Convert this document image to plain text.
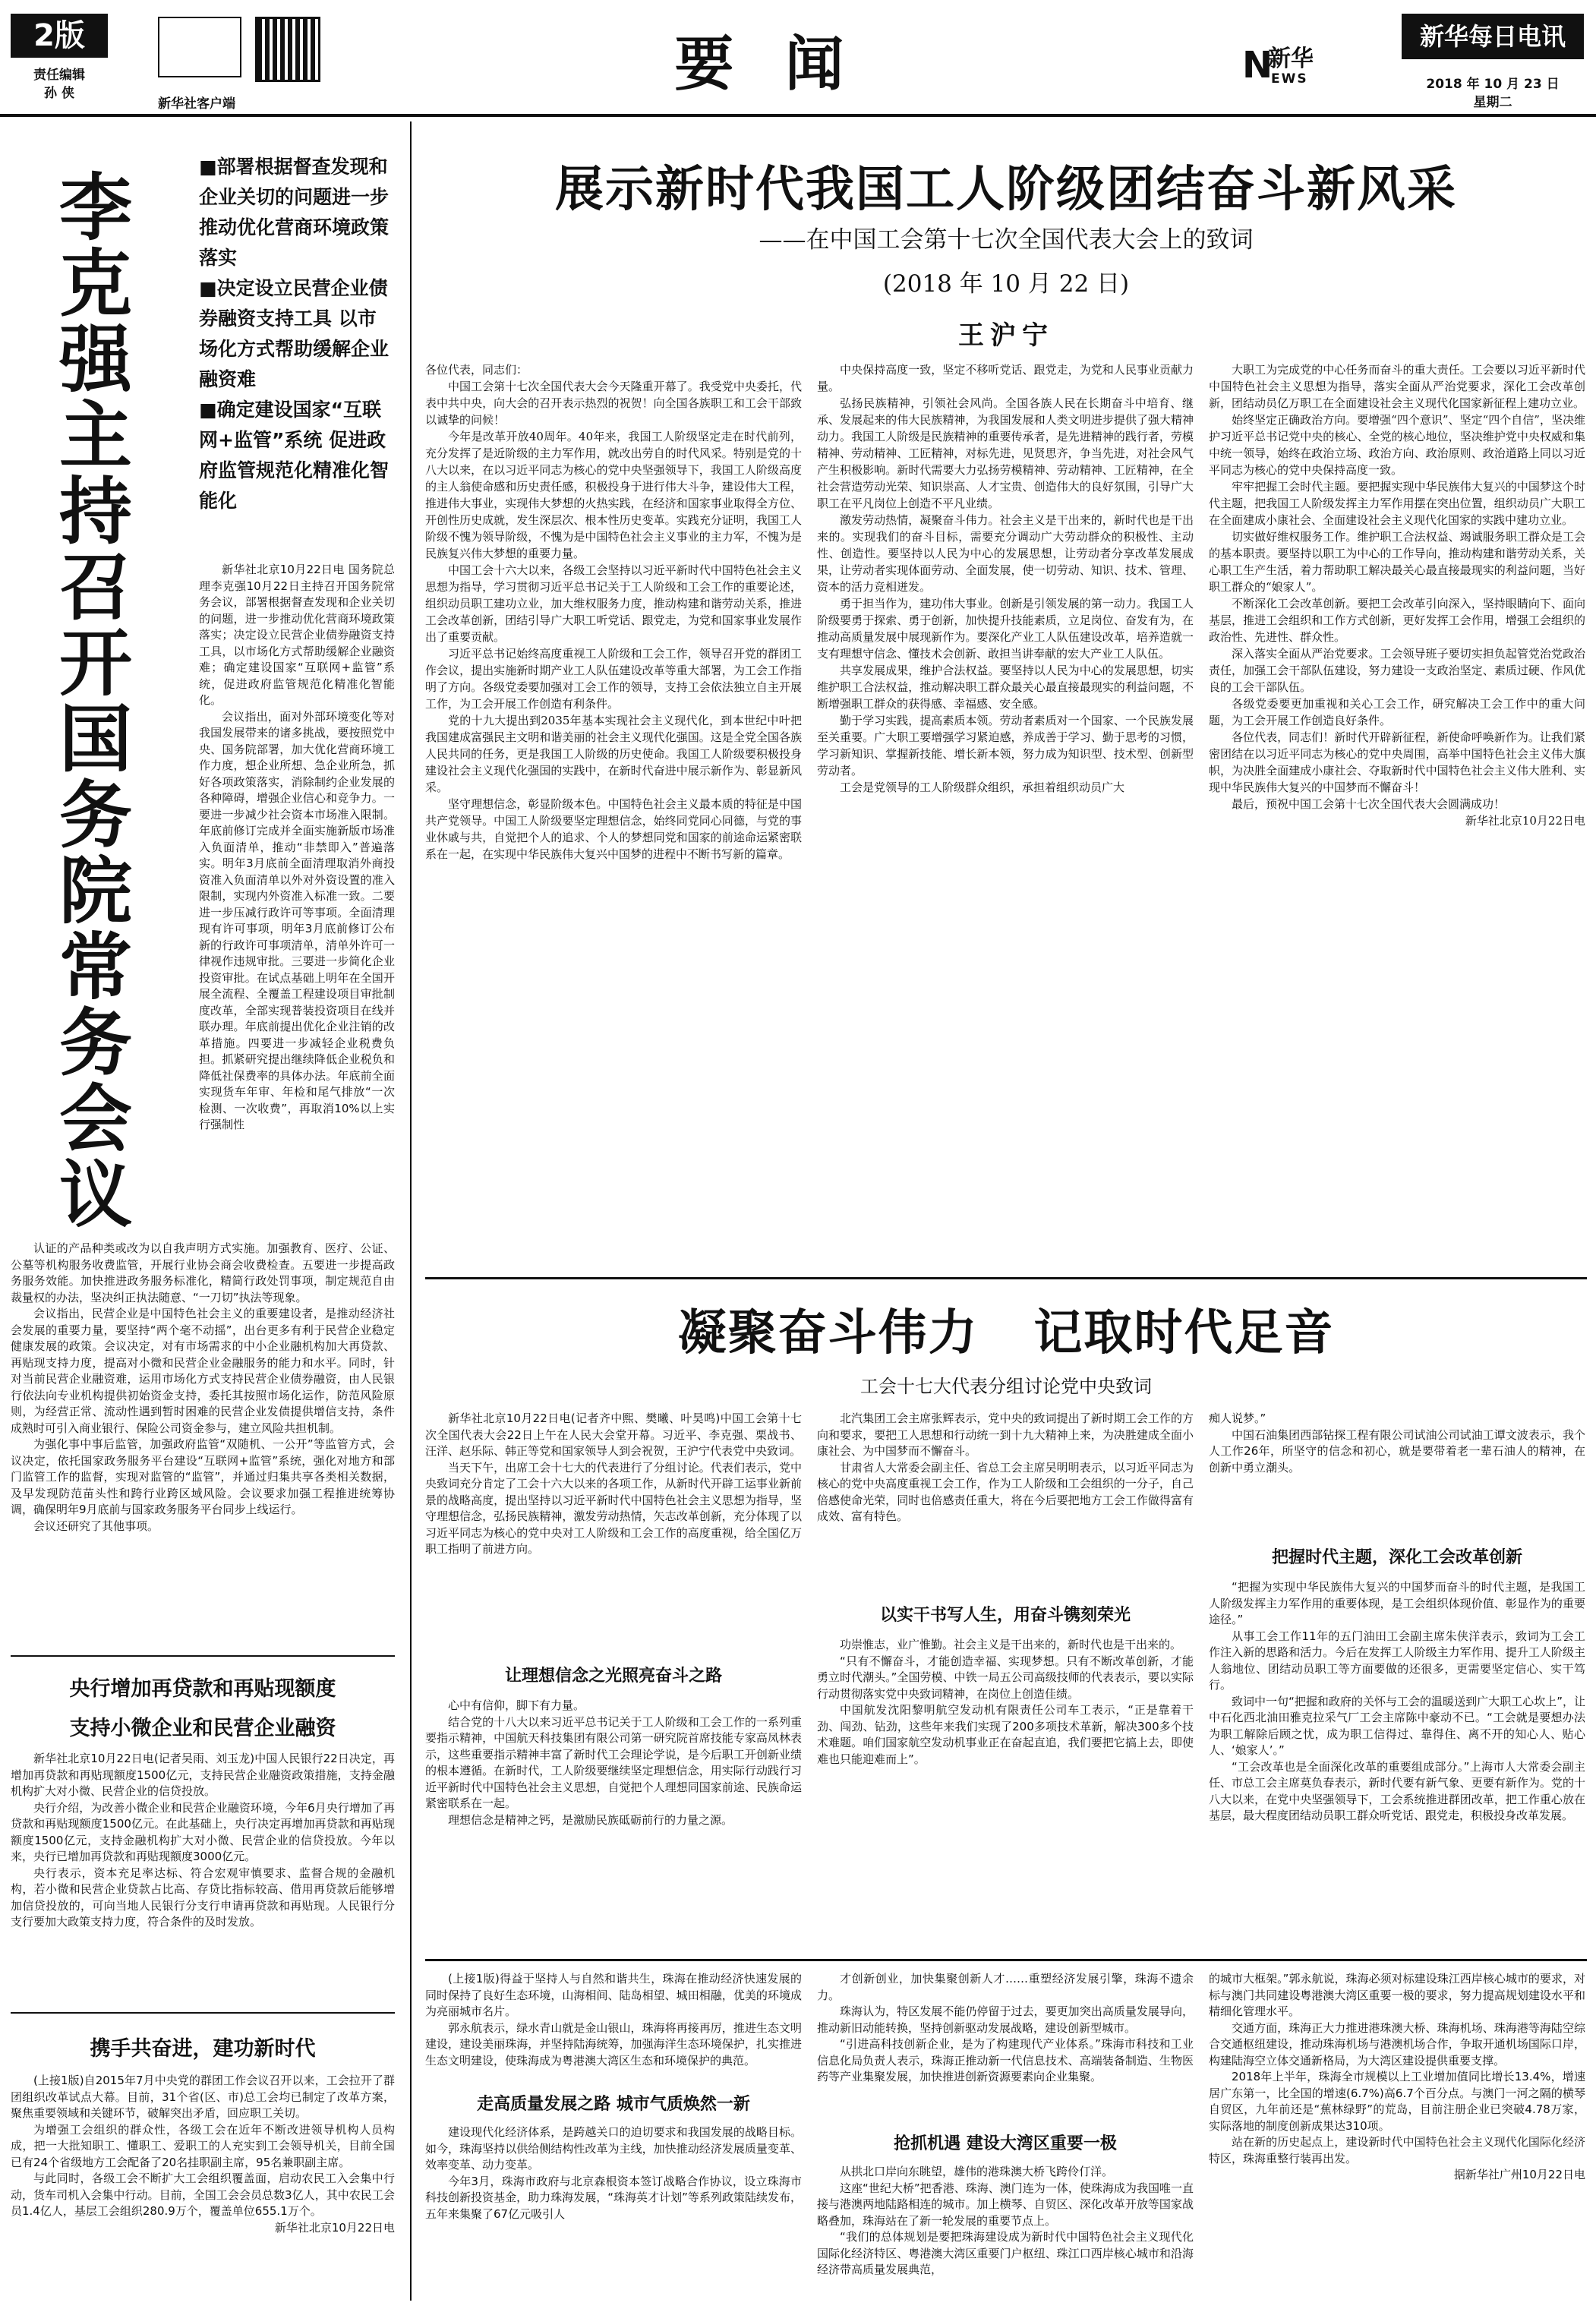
2版
责任编辑
孙 侠
新华社客户端
要 闻	新华
EWS
N
新华每日电讯
2018 年 10 月 23 日
星期二
李克强主持召开国务院常务会议

■部署根据督查发现和企业关切的问题进一步推动优化营商环境政策落实

■决定设立民营企业债券融资支持工具 以市场化方式帮助缓解企业融资难

■确定建设国家“互联网+监管”系统 促进政府监管规范化精准化智能化

新华社北京10月22日电 国务院总理李克强10月22日主持召开国务院常务会议，部署根据督查发现和企业关切的问题，进一步推动优化营商环境政策落实；决定设立民营企业债券融资支持工具，以市场化方式帮助缓解企业融资难；确定建设国家“互联网+监管”系统，促进政府监管规范化精准化智能化。

会议指出，面对外部环境变化等对我国发展带来的诸多挑战，要按照党中央、国务院部署，加大优化营商环境工作力度，想企业所想、急企业所急，抓好各项政策落实，消除制约企业发展的各种障碍，增强企业信心和竞争力。一要进一步减少社会资本市场准入限制。年底前修订完成并全面实施新版市场准入负面清单，推动“非禁即入”普遍落实。明年3月底前全面清理取消外商投资准入负面清单以外对外资设置的准入限制，实现内外资准入标准一致。二要进一步压减行政许可等事项。全面清理现有许可事项，明年3月底前修订公布新的行政许可事项清单，清单外许可一律视作违规审批。三要进一步简化企业投资审批。在试点基础上明年在全国开展全流程、全覆盖工程建设项目审批制度改革，全部实现普装投资项目在线并联办理。年底前提出优化企业注销的改革措施。四要进一步减轻企业税费负担。抓紧研究提出继续降低企业税负和降低社保费率的具体办法。年底前全面实现货车年审、年检和尾气排放“一次检测、一次收费”，再取消10%以上实行强制性

认证的产品种类或改为以自我声明方式实施。加强教育、医疗、公证、公墓等机构服务收费监管，开展行业协会商会收费检查。五要进一步提高政务服务效能。加快推进政务服务标准化，精简行政处罚事项，制定规范自由裁量权的办法，坚决纠正执法随意、“一刀切”执法等现象。

会议指出，民营企业是中国特色社会主义的重要建设者，是推动经济社会发展的重要力量，要坚持“两个毫不动摇”，出台更多有利于民营企业稳定健康发展的政策。会议决定，对有市场需求的中小企业融机构加大再贷款、再贴现支持力度，提高对小微和民营企业金融服务的能力和水平。同时，针对当前民营企业融资难，运用市场化方式支持民营企业债券融资，由人民银行依法向专业机构提供初始资金支持，委托其按照市场化运作，防范风险原则，为经营正常、流动性遇到暂时困难的民营企业发债提供增信支持，条件成熟时可引入商业银行、保险公司资金参与，建立风险共担机制。

为强化事中事后监管，加强政府监管“双随机、一公开”等监管方式，会议决定，依托国家政务服务平台建设“互联网+监管”系统，强化对地方和部门监管工作的监督，实现对监管的“监管”，并通过归集共享各类相关数据，及早发现防范苗头性和跨行业跨区域风险。会议要求加强工程推进统筹协调，确保明年9月底前与国家政务服务平台同步上线运行。

会议还研究了其他事项。

央行增加再贷款和再贴现额度
支持小微企业和民营企业融资

新华社北京10月22日电(记者吴雨、刘玉龙)中国人民银行22日决定，再增加再贷款和再贴现额度1500亿元，支持民营企业融资政策措施，支持金融机构扩大对小微、民营企业的信贷投放。

央行介绍，为改善小微企业和民营企业融资环境，今年6月央行增加了再贷款和再贴现额度1500亿元。在此基础上，央行决定再增加再贷款和再贴现额度1500亿元，支持金融机构扩大对小微、民营企业的信贷投放。今年以来，央行已增加再贷款和再贴现额度3000亿元。

央行表示，资本充足率达标、符合宏观审慎要求、监督合规的金融机构，若小微和民营企业贷款占比高、存贷比指标较高、借用再贷款后能够增加信贷投放的，可向当地人民银行分支行申请再贷款和再贴现。人民银行分支行要加大政策支持力度，符合条件的及时发放。

携手共奋进，建功新时代

(上接1版)自2015年7月中央党的群团工作会议召开以来，工会拉开了群团组织改革试点大幕。目前，31个省(区、市)总工会均已制定了改革方案，聚焦重要领域和关键环节，破解突出矛盾，回应职工关切。

为增强工会组织的群众性，各级工会在近年不断改进领导机构人员构成，把一大批知职工、懂职工、爱职工的人充实到工会领导机关，目前全国已有24个省级地方工会配备了20名挂职副主席，95名兼职副主席。

与此同时，各级工会不断扩大工会组织覆盖面，启动农民工入会集中行动，货车司机入会集中行动。目前，全国工会会员总数3亿人，其中农民工会员1.4亿人，基层工会组织280.9万个，覆盖单位655.1万个。

新华社北京10月22日电

展示新时代我国工人阶级团结奋斗新风采
——在中国工会第十七次全国代表大会上的致词
(2018 年 10 月 22 日)
王沪宁

各位代表，同志们：

中国工会第十七次全国代表大会今天隆重开幕了。我受党中央委托，代表中共中央，向大会的召开表示热烈的祝贺！向全国各族职工和工会干部致以诚挚的问候！

今年是改革开放40周年。40年来，我国工人阶级坚定走在时代前列，充分发挥了是近阶级的主力军作用，就改出劳自的时代风采。特别是党的十八大以来，在以习近平同志为核心的党中央坚强领导下，我国工人阶级高度的主人翁使命感和历史责任感，积极投身于进行伟大斗争，建设伟大工程，推进伟大事业，实现伟大梦想的火热实践，在经济和国家事业取得全方位、开创性历史成就，发生深层次、根本性历史变革。实践充分证明，我国工人阶级不愧为领导阶级，不愧为是中国特色社会主义事业的主力军，不愧为是民族复兴伟大梦想的重要力量。

中国工会十六大以来，各级工会坚持以习近平新时代中国特色社会主义思想为指导，学习贯彻习近平总书记关于工人阶级和工会工作的重要论述，组织动员职工建功立业，加大维权服务力度，推动构建和谐劳动关系，推进工会改革创新，团结引导广大职工听党话、跟党走，为党和国家事业发展作出了重要贡献。

习近平总书记始终高度重视工人阶级和工会工作，领导召开党的群团工作会议，提出实施新时期产业工人队伍建设改革等重大部署，为工会工作指明了方向。各级党委要加强对工会工作的领导，支持工会依法独立自主开展工作，为工会开展工作创造有利条件。

党的十九大提出到2035年基本实现社会主义现代化，到本世纪中叶把我国建成富强民主文明和谐美丽的社会主义现代化强国。这是全党全国各族人民共同的任务，更是我国工人阶级的历史使命。我国工人阶级要积极投身建设社会主义现代化强国的实践中，在新时代奋进中展示新作为、彰显新风采。

坚守理想信念，彰显阶级本色。中国特色社会主义最本质的特征是中国共产党领导。中国工人阶级要坚定理想信念，始终同党同心同德，与党的事业休戚与共，自觉把个人的追求、个人的梦想同党和国家的前途命运紧密联系在一起，在实现中华民族伟大复兴中国梦的进程中不断书写新的篇章。

中央保持高度一致，坚定不移听党话、跟党走，为党和人民事业贡献力量。

弘扬民族精神，引领社会风尚。全国各族人民在长期奋斗中培育、继承、发展起来的伟大民族精神，为我国发展和人类文明进步提供了强大精神动力。我国工人阶级是民族精神的重要传承者，是先进精神的践行者，劳模精神、劳动精神、工匠精神，对标先进，见贤思齐，争当先进，对社会风气产生积极影响。新时代需要大力弘扬劳模精神、劳动精神、工匠精神，在全社会营造劳动光荣、知识崇高、人才宝贵、创造伟大的良好氛围，引导广大职工在平凡岗位上创造不平凡业绩。

激发劳动热情，凝聚奋斗伟力。社会主义是干出来的，新时代也是干出来的。实现我们的奋斗目标，需要充分调动广大劳动群众的积极性、主动性、创造性。要坚持以人民为中心的发展思想，让劳动者分享改革发展成果，让劳动者实现体面劳动、全面发展，使一切劳动、知识、技术、管理、资本的活力竞相迸发。

勇于担当作为，建功伟大事业。创新是引领发展的第一动力。我国工人阶级要勇于探索、勇于创新，加快提升技能素质，立足岗位、奋发有为，在推动高质量发展中展现新作为。要深化产业工人队伍建设改革，培养造就一支有理想守信念、懂技术会创新、敢担当讲奉献的宏大产业工人队伍。

共享发展成果，维护合法权益。要坚持以人民为中心的发展思想，切实维护职工合法权益，推动解决职工群众最关心最直接最现实的利益问题，不断增强职工群众的获得感、幸福感、安全感。

勤于学习实践，提高素质本领。劳动者素质对一个国家、一个民族发展至关重要。广大职工要增强学习紧迫感，养成善于学习、勤于思考的习惯，学习新知识、掌握新技能、增长新本领，努力成为知识型、技术型、创新型劳动者。

工会是党领导的工人阶级群众组织，承担着组织动员广大

大职工为完成党的中心任务而奋斗的重大责任。工会要以习近平新时代中国特色社会主义思想为指导，落实全面从严治党要求，深化工会改革创新，团结动员亿万职工在全面建设社会主义现代化国家新征程上建功立业。

始终坚定正确政治方向。要增强“四个意识”、坚定“四个自信”，坚决维护习近平总书记党中央的核心、全党的核心地位，坚决维护党中央权威和集中统一领导，始终在政治立场、政治方向、政治原则、政治道路上同以习近平同志为核心的党中央保持高度一致。

牢牢把握工会时代主题。要把握实现中华民族伟大复兴的中国梦这个时代主题，把我国工人阶级发挥主力军作用摆在突出位置，组织动员广大职工在全面建成小康社会、全面建设社会主义现代化国家的实践中建功立业。

切实做好维权服务工作。维护职工合法权益、竭诚服务职工群众是工会的基本职责。要坚持以职工为中心的工作导向，推动构建和谐劳动关系，关心职工生产生活，着力帮助职工解决最关心最直接最现实的利益问题，当好职工群众的“娘家人”。

不断深化工会改革创新。要把工会改革引向深入，坚持眼睛向下、面向基层，推进工会组织和工作方式创新，更好发挥工会作用，增强工会组织的政治性、先进性、群众性。

深入落实全面从严治党要求。工会领导班子要切实担负起管党治党政治责任，加强工会干部队伍建设，努力建设一支政治坚定、素质过硬、作风优良的工会干部队伍。

各级党委要更加重视和关心工会工作，研究解决工会工作中的重大问题，为工会开展工作创造良好条件。

各位代表，同志们！新时代开辟新征程，新使命呼唤新作为。让我们紧密团结在以习近平同志为核心的党中央周围，高举中国特色社会主义伟大旗帜，为决胜全面建成小康社会、夺取新时代中国特色社会主义伟大胜利、实现中华民族伟大复兴的中国梦而不懈奋斗！

最后，预祝中国工会第十七次全国代表大会圆满成功！

新华社北京10月22日电

凝聚奋斗伟力   记取时代足音
工会十七大代表分组讨论党中央致词

新华社北京10月22日电(记者齐中熙、樊曦、叶昊鸣)中国工会第十七次全国代表大会22日上午在人民大会堂开幕。习近平、李克强、栗战书、汪洋、赵乐际、韩正等党和国家领导人到会祝贺，王沪宁代表党中央致词。

当天下午，出席工会十七大的代表进行了分组讨论。代表们表示，党中央致词充分肯定了工会十六大以来的各项工作，从新时代开辟工运事业新前景的战略高度，提出坚持以习近平新时代中国特色社会主义思想为指导，坚守理想信念，弘扬民族精神，激发劳动热情，矢志改革创新，充分体现了以习近平同志为核心的党中央对工人阶级和工会工作的高度重视，给全国亿万职工指明了前进方向。

让理想信念之光照亮奋斗之路

心中有信仰，脚下有力量。

结合党的十八大以来习近平总书记关于工人阶级和工会工作的一系列重要指示精神，中国航天科技集团有限公司第一研究院首席技能专家高凤林表示，这些重要指示精神丰富了新时代工会理论学说，是今后职工开创新业绩的根本遵循。在新时代，工人阶级要继续坚定理想信念，用实际行动践行习近平新时代中国特色社会主义思想，自觉把个人理想同国家前途、民族命运紧密联系在一起。

理想信念是精神之钙，是激励民族砥砺前行的力量之源。

北汽集团工会主席张辉表示，党中央的致词提出了新时期工会工作的方向和要求，要把工人思想和行动统一到十九大精神上来，为决胜建成全面小康社会、为中国梦而不懈奋斗。

甘肃省人大常委会副主任、省总工会主席吴明明表示，以习近平同志为核心的党中央高度重视工会工作，作为工人阶级和工会组织的一分子，自己倍感使命光荣，同时也倍感责任重大，将在今后要把地方工会工作做得富有成效、富有特色。

以实干书写人生，用奋斗镌刻荣光

功崇惟志，业广惟勤。社会主义是干出来的，新时代也是干出来的。

“只有不懈奋斗，才能创造幸福、实现梦想。只有不断改革创新，才能勇立时代潮头。”全国劳模、中铁一局五公司高级技师的代表表示，要以实际行动贯彻落实党中央致词精神，在岗位上创造佳绩。

中国航发沈阳黎明航空发动机有限责任公司车工表示，“正是靠着干劲、闯劲、钻劲，这些年来我们实现了200多项技术革新，解决300多个技术难题。咱们国家航空发动机事业正在奋起直追，我们要把它搞上去，即使难也只能迎难而上”。

痴人说梦。”

中国石油集团西部钻探工程有限公司试油公司试油工谭文波表示，我个人工作26年，所坚守的信念和初心，就是要带着老一辈石油人的精神，在创新中勇立潮头。

把握时代主题，深化工会改革创新

“把握为实现中华民族伟大复兴的中国梦而奋斗的时代主题，是我国工人阶级发挥主力军作用的重要体现，是工会组织体现价值、彰显作为的重要途径。”

从事工会工作11年的五门油田工会副主席朱侠洋表示，致词为工会工作注入新的思路和活力。今后在发挥工人阶级主力军作用、提升工人阶级主人翁地位、团结动员职工等方面要做的还很多，更需要坚定信心、实干笃行。

致词中一句“把握和政府的关怀与工会的温暖送到广大职工心坎上”，让中石化西北油田雅克拉采气厂工会主席陈中豪动不已。“工会就是要想办法为职工解除后顾之忧，成为职工信得过、靠得住、离不开的知心人、贴心人、‘娘家人’。”

“工会改革也是全面深化改革的重要组成部分。”上海市人大常委会副主任、市总工会主席莫负春表示，新时代要有新气象、更要有新作为。党的十八大以来，在党中央坚强领导下，工会系统推进群团改革，把工作重心放在基层，最大程度团结动员职工群众听党话、跟党走，积极投身改革发展。

(上接1版)得益于坚持人与自然和谐共生，珠海在推动经济快速发展的同时保持了良好生态环境，山海相间、陆岛相望、城田相融，优美的环境成为亮丽城市名片。

郭永航表示，绿水青山就是金山银山，珠海将再接再厉，推进生态文明建设，建设美丽珠海，并坚持陆海统筹，加强海洋生态环境保护，扎实推进生态文明建设，使珠海成为粤港澳大湾区生态和环境保护的典范。

走高质量发展之路 城市气质焕然一新

建设现代化经济体系，是跨越关口的迫切要求和我国发展的战略目标。如今，珠海坚持以供给侧结构性改革为主线，加快推动经济发展质量变革、效率变革、动力变革。

今年3月，珠海市政府与北京森根资本签订战略合作协议，设立珠海市科技创新投资基金，助力珠海发展，“珠海英才计划”等系列政策陆续发布，五年来集聚了67亿元吸引人

才创新创业，加快集聚创新人才……重塑经济发展引擎，珠海不遗余力。

珠海认为，特区发展不能仍停留于过去，要更加突出高质量发展导向，推动新旧动能转换，坚持创新驱动发展战略，建设创新型城市。

“引进高科技创新企业，是为了构建现代产业体系。”珠海市科技和工业信息化局负责人表示，珠海正推动新一代信息技术、高端装备制造、生物医药等产业集聚发展，加快推进创新资源要素向企业集聚。

抢抓机遇 建设大湾区重要一极

从拱北口岸向东眺望，雄伟的港珠澳大桥飞跨伶仃洋。

这座“世纪大桥”把香港、珠海、澳门连为一体，使珠海成为我国唯一直接与港澳两地陆路相连的城市。加上横琴、自贸区、深化改革开放等国家战略叠加，珠海站在了新一轮发展的重要节点上。

“我们的总体规划是要把珠海建设成为新时代中国特色社会主义现代化国际化经济特区、粤港澳大湾区重要门户枢纽、珠江口西岸核心城市和沿海经济带高质量发展典范，

的城市大框架。”郭永航说，珠海必须对标建设珠江西岸核心城市的要求，对标与澳门共同建设粤港澳大湾区重要一极的要求，努力提高规划建设水平和精细化管理水平。

交通方面，珠海正大力推进港珠澳大桥、珠海机场、珠海港等海陆空综合交通枢纽建设，推动珠海机场与港澳机场合作，争取开通机场国际口岸，构建陆海空立体交通新格局，为大湾区建设提供重要支撑。

2018年上半年，珠海全市规模以上工业增加值同比增长13.4%，增速居广东第一，比全国的增速(6.7%)高6.7个百分点。与澳门一河之隔的横琴自贸区，九年前还是“蕉林绿野”的荒岛，目前注册企业已突破4.78万家，实际落地的制度创新成果达310项。

站在新的历史起点上，建设新时代中国特色社会主义现代化国际化经济特区，珠海重整行装再出发。

据新华社广州10月22日电
